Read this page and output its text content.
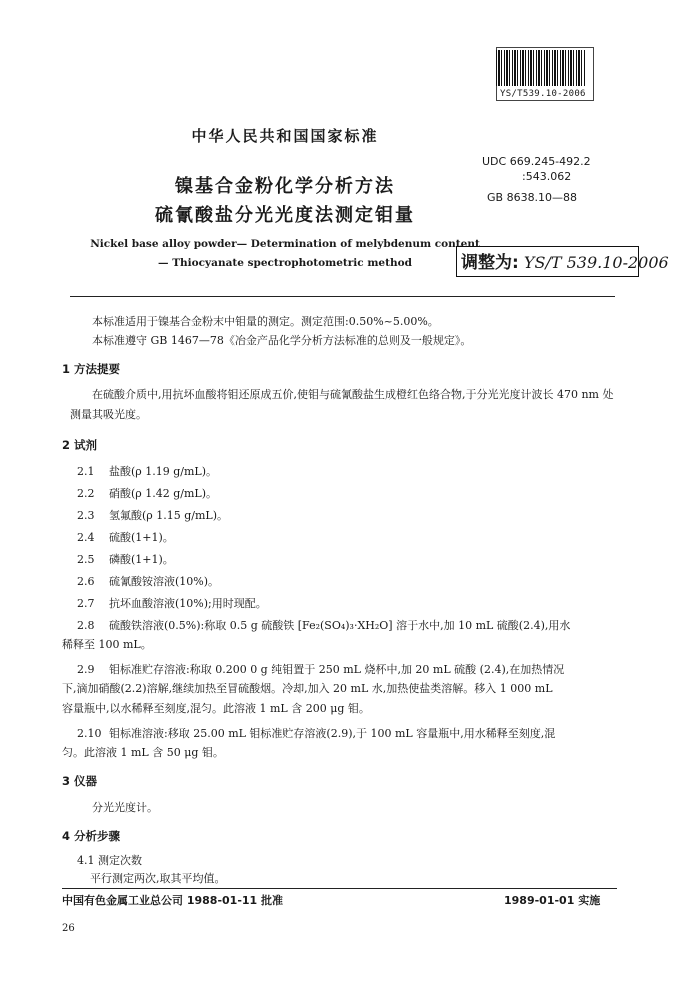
YS/T539.10-2006
中华人民共和国国家标准
UDC 669.245-492.2
:543.062
GB 8638.10—88
镍基合金粉化学分析方法
硫氰酸盐分光光度法测定钼量
Nickel base alloy powder— Determination of melybdenum content
— Thiocyanate spectrophotometric method	调整为: YS/T 539.10-2006
本标准适用于镍基合金粉末中钼量的测定。测定范围:0.50%~5.00%。
本标准遵守 GB 1467—78《冶金产品化学分析方法标准的总则及一般规定》。
1 方法提要
在硫酸介质中,用抗坏血酸将钼还原成五价,使钼与硫氰酸盐生成橙红色络合物,于分光光度计波长 470 nm 处测量其吸光度。
2 试剂
2.1 盐酸(ρ 1.19 g/mL)。
2.2 硝酸(ρ 1.42 g/mL)。
2.3 氢氟酸(ρ 1.15 g/mL)。
2.4 硫酸(1+1)。
2.5 磷酸(1+1)。
2.6 硫氰酸铵溶液(10%)。
2.7 抗坏血酸溶液(10%);用时现配。
2.8 硫酸铁溶液(0.5%):称取 0.5 g 硫酸铁 [Fe₂(SO₄)₃·XH₂O] 溶于水中,加 10 mL 硫酸(2.4),用水
稀释至 100 mL。
2.9 钼标准贮存溶液:称取 0.200 0 g 纯钼置于 250 mL 烧杯中,加 20 mL 硫酸 (2.4),在加热情况
下,滴加硝酸(2.2)溶解,继续加热至冒硫酸烟。冷却,加入 20 mL 水,加热使盐类溶解。移入 1 000 mL
容量瓶中,以水稀释至刻度,混匀。此溶液 1 mL 含 200 μg 钼。
2.10 钼标准溶液:移取 25.00 mL 钼标准贮存溶液(2.9),于 100 mL 容量瓶中,用水稀释至刻度,混
匀。此溶液 1 mL 含 50 μg 钼。
3 仪器
分光光度计。
4 分析步骤
4.1 测定次数
平行测定两次,取其平均值。
中国有色金属工业总公司 1988-01-11 批准	1989-01-01 实施
26
